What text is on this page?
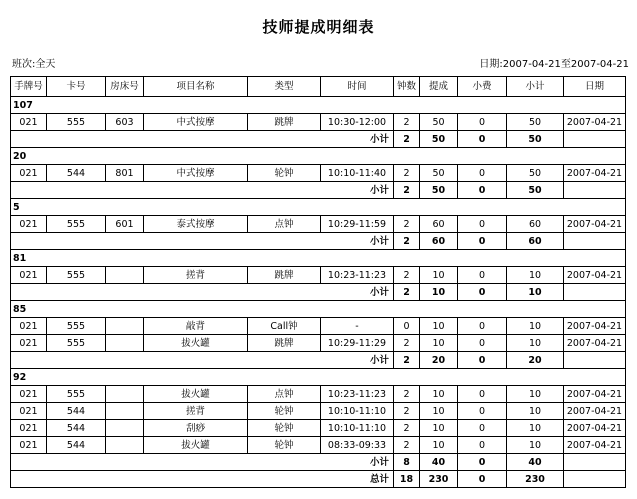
技师提成明细表
班次:全天	日期:2007-04-21至2007-04-21
手牌号	卡号	房床号	项目名称	类型	时间	钟数	提成	小费	小计	日期
107										
021	555	603	中式按摩	跳牌	10:30-12:00	2	50	0	50	2007-04-21
					小计	2	50	0	50	
20										
021	544	801	中式按摩	轮钟	10:10-11:40	2	50	0	50	2007-04-21
					小计	2	50	0	50	
5										
021	555	601	泰式按摩	点钟	10:29-11:59	2	60	0	60	2007-04-21
					小计	2	60	0	60	
81										
021	555		搓背	跳牌	10:23-11:23	2	10	0	10	2007-04-21
					小计	2	10	0	10	
85										
021	555		敲背	Call钟	-	0	10	0	10	2007-04-21
021	555		拔火罐	跳牌	10:29-11:29	2	10	0	10	2007-04-21
					小计	2	20	0	20	
92										
021	555		拔火罐	点钟	10:23-11:23	2	10	0	10	2007-04-21
021	544		搓背	轮钟	10:10-11:10	2	10	0	10	2007-04-21
021	544		刮痧	轮钟	10:10-11:10	2	10	0	10	2007-04-21
021	544		拔火罐	轮钟	08:33-09:33	2	10	0	10	2007-04-21
					小计	8	40	0	40	
					总计	18	230	0	230	
